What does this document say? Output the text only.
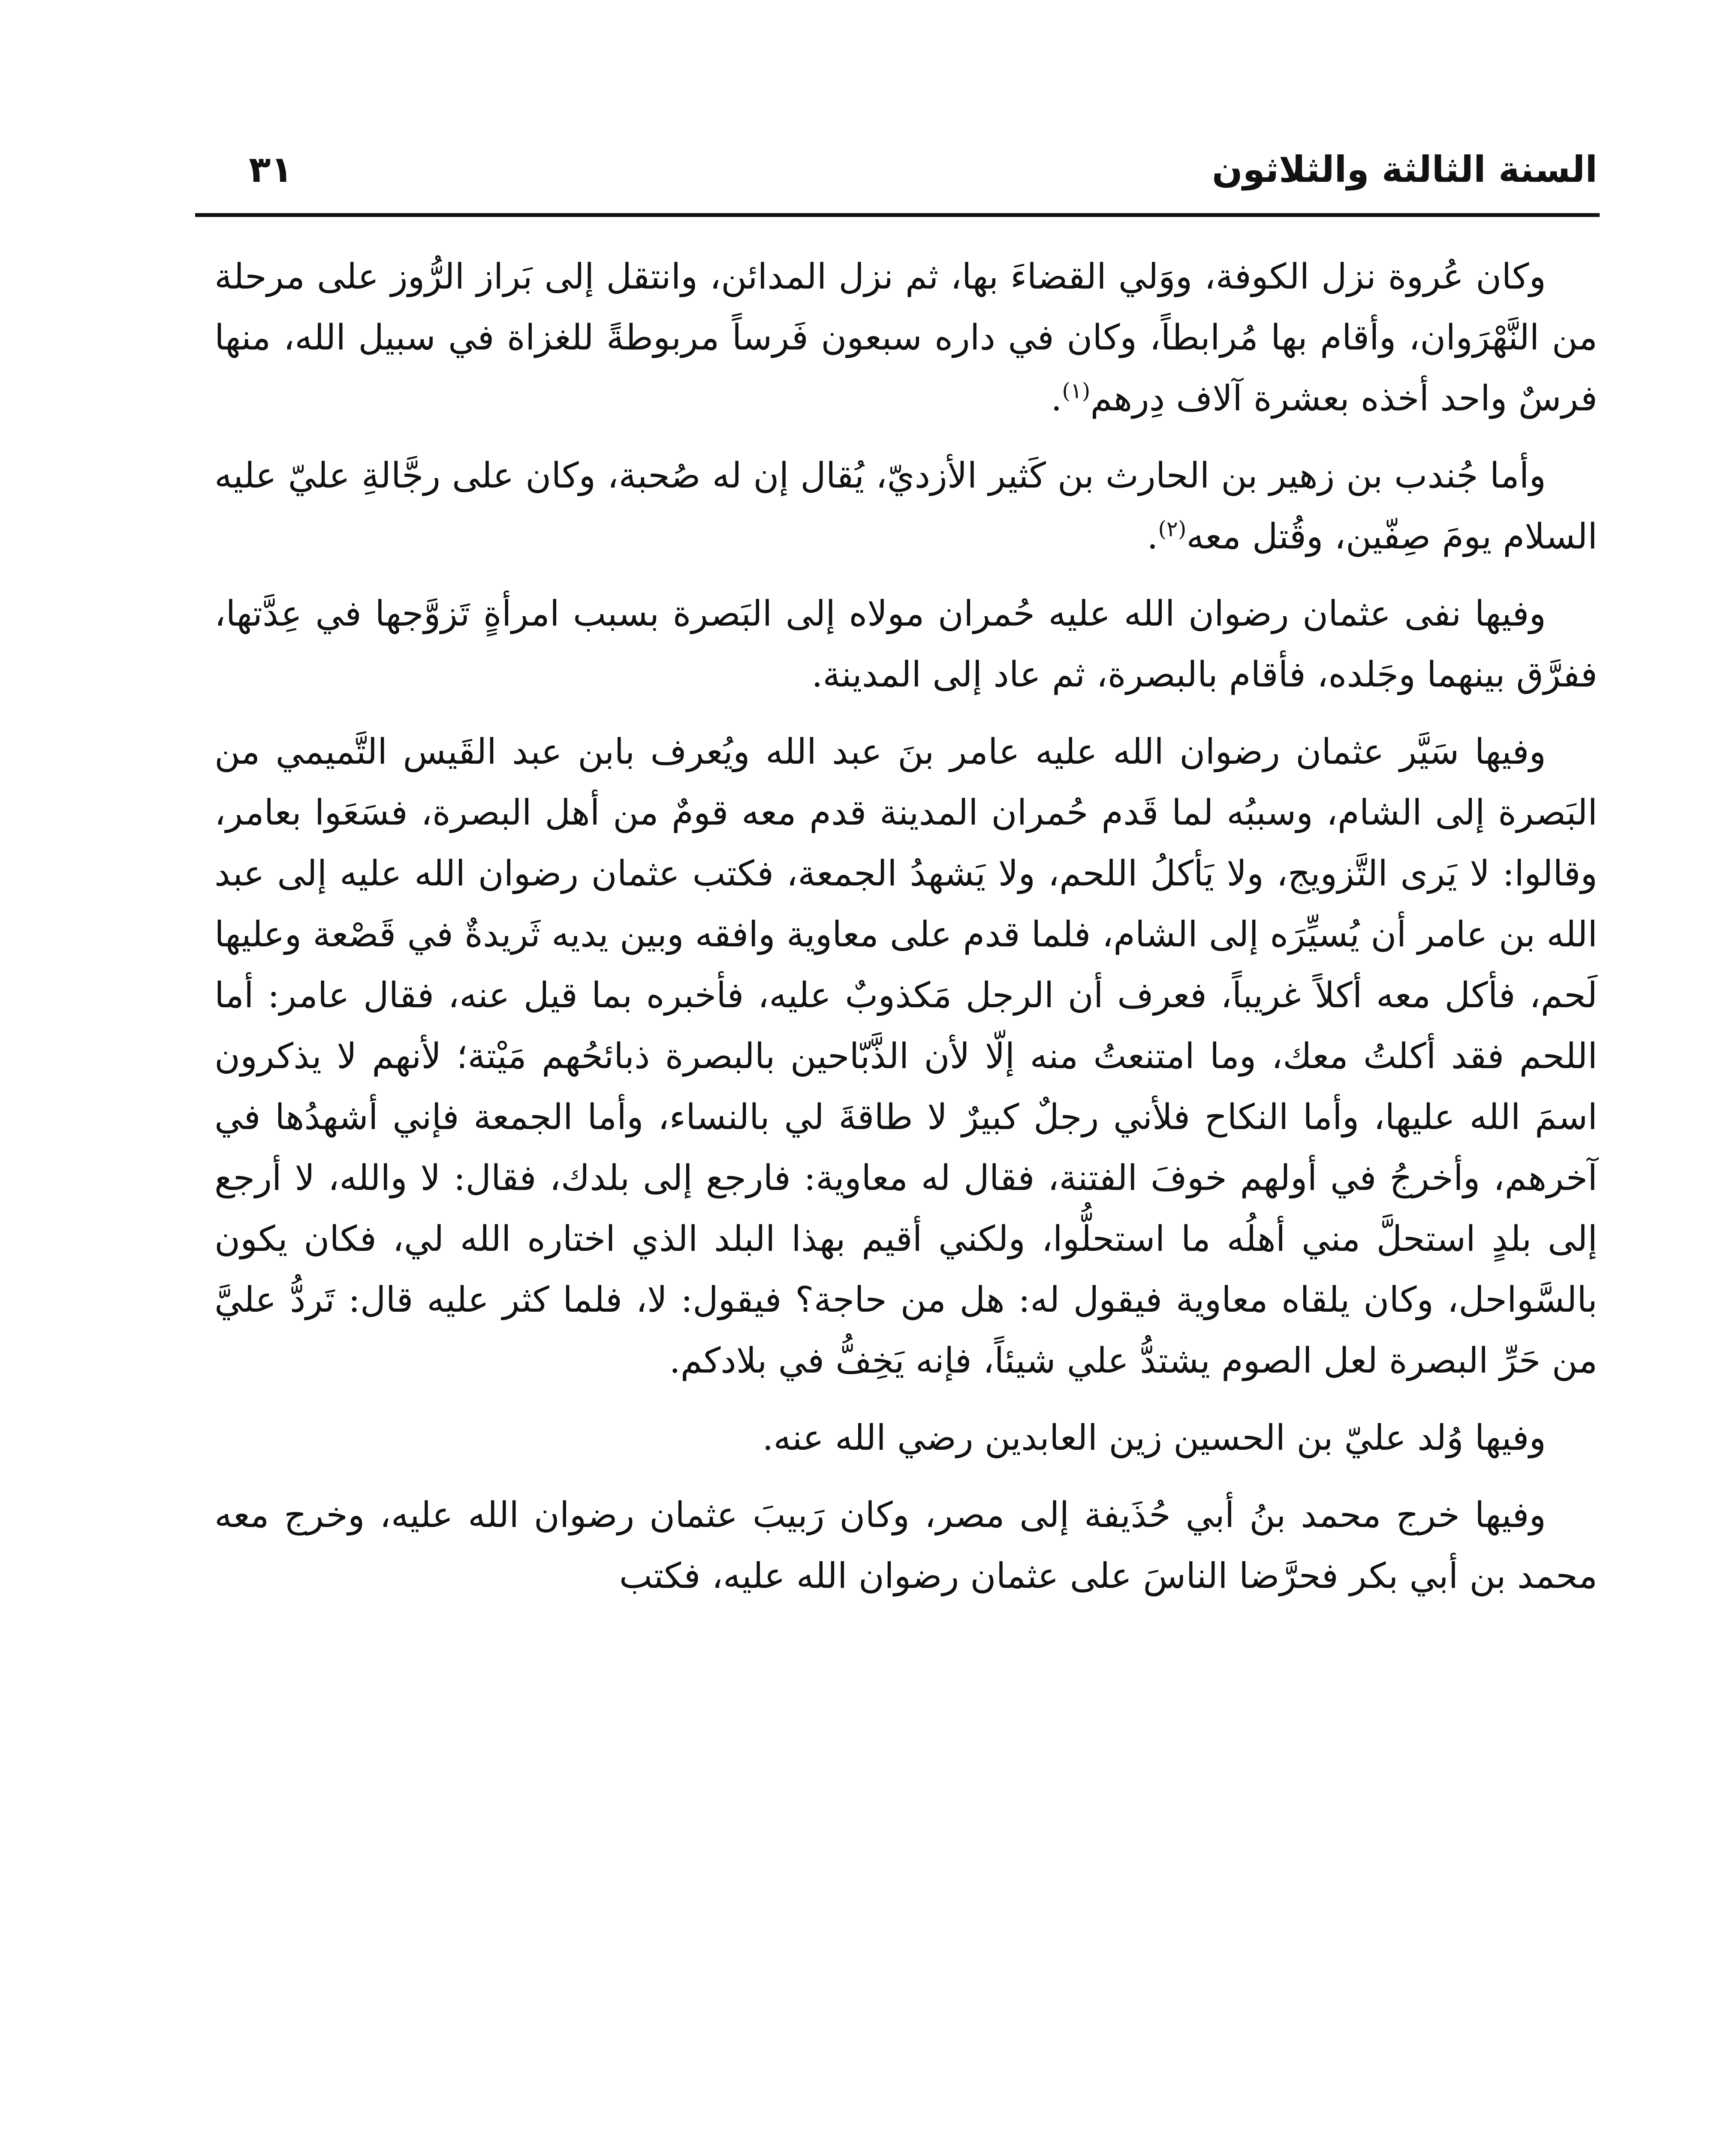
السنة الثالثة والثلاثون
٣١

وكان عُروة نزل الكوفة، ووَلي القضاءَ بها، ثم نزل المدائن، وانتقل إلى بَراز الرُّوز على مرحلة من النَّهْرَوان، وأقام بها مُرابطاً، وكان في داره سبعون فَرساً مربوطةً للغزاة في سبيل الله، منها فرسٌ واحد أخذه بعشرة آلاف دِرهم$^{(١)}$.

وأما جُندب بن زهير بن الحارث بن كَثير الأزديّ، يُقال إن له صُحبة، وكان على رجَّالةِ عليّ عليه السلام يومَ صِفّين، وقُتل معه$^{(٢)}$.

وفيها نفى عثمان رضوان الله عليه حُمران مولاه إلى البَصرة بسبب امرأةٍ تَزوَّجها في عِدَّتها، ففرَّق بينهما وجَلده، فأقام بالبصرة، ثم عاد إلى المدينة.

وفيها سَيَّر عثمان رضوان الله عليه عامر بنَ عبد الله ويُعرف بابن عبد القَيس التَّميمي من البَصرة إلى الشام، وسببُه لما قَدم حُمران المدينة قدم معه قومٌ من أهل البصرة، فسَعَوا بعامر، وقالوا: لا يَرى التَّزويج، ولا يَأكلُ اللحم، ولا يَشهدُ الجمعة، فكتب عثمان رضوان الله عليه إلى عبد الله بن عامر أن يُسيِّرَه إلى الشام، فلما قدم على معاوية وافقه وبين يديه ثَريدةٌ في قَصْعة وعليها لَحم، فأكل معه أكلاً غريباً، فعرف أن الرجل مَكذوبٌ عليه، فأخبره بما قيل عنه، فقال عامر: أما اللحم فقد أكلتُ معك، وما امتنعتُ منه إلّا لأن الذَّبّاحين بالبصرة ذبائحُهم مَيْتة؛ لأنهم لا يذكرون اسمَ الله عليها، وأما النكاح فلأني رجلٌ كبيرٌ لا طاقةَ لي بالنساء، وأما الجمعة فإني أشهدُها في آخرهم، وأخرجُ في أولهم خوفَ الفتنة، فقال له معاوية: فارجع إلى بلدك، فقال: لا والله، لا أرجع إلى بلدٍ استحلَّ مني أهلُه ما استحلُّوا، ولكني أقيم بهذا البلد الذي اختاره الله لي، فكان يكون بالسَّواحل، وكان يلقاه معاوية فيقول له: هل من حاجة؟ فيقول: لا، فلما كثر عليه قال: تَردُّ عليَّ من حَرِّ البصرة لعل الصوم يشتدُّ علي شيئاً، فإنه يَخِفُّ في بلادكم.

وفيها وُلد عليّ بن الحسين زين العابدين رضي الله عنه.

وفيها خرج محمد بنُ أبي حُذَيفة إلى مصر، وكان رَبيبَ عثمان رضوان الله عليه، وخرج معه محمد بن أبي بكر فحرَّضا الناسَ على عثمان رضوان الله عليه، فكتب
